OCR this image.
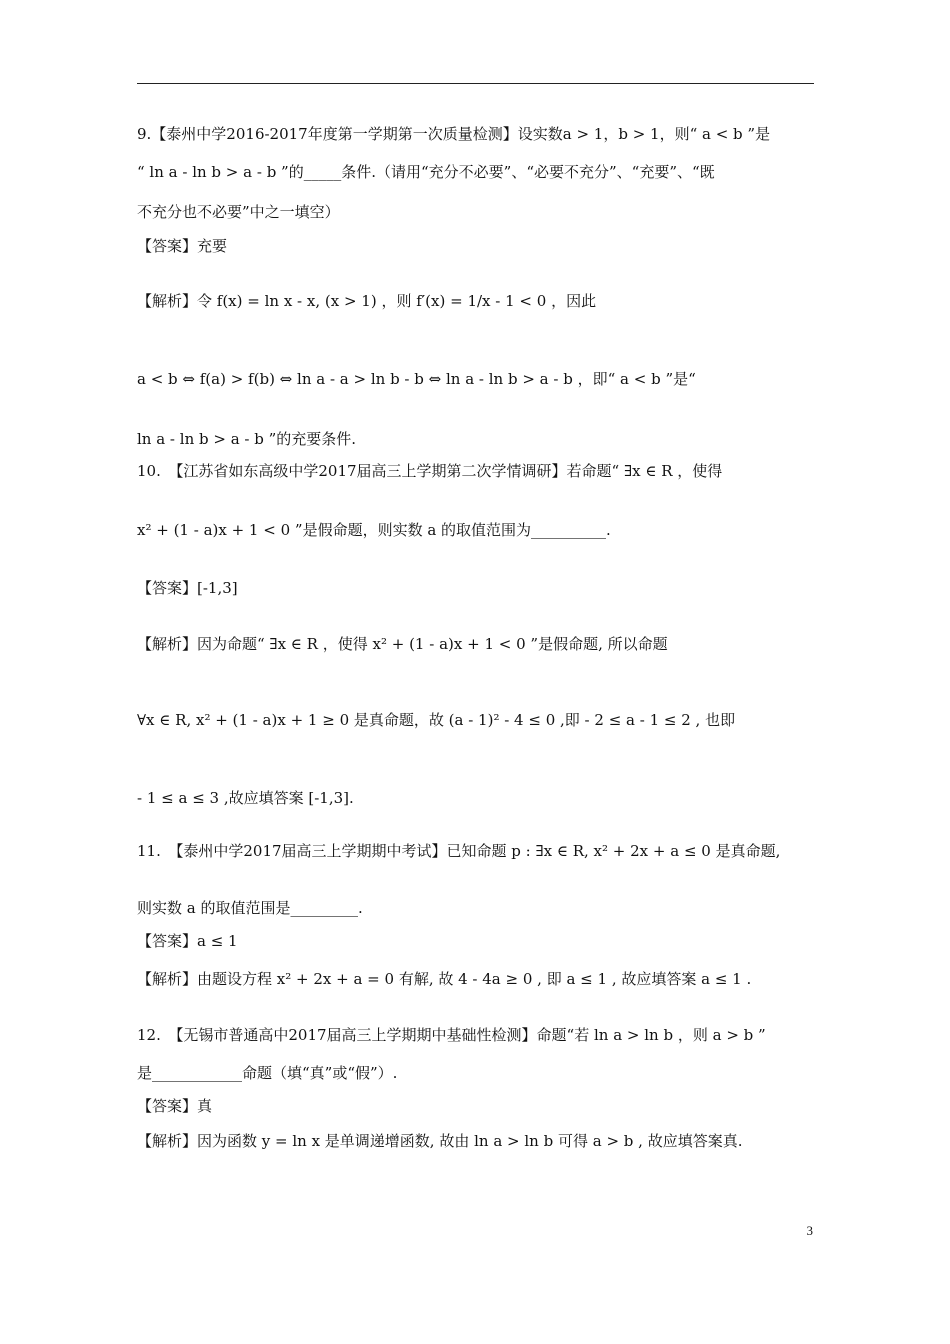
9.【泰州中学2016-2017年度第一学期第一次质量检测】设实数a > 1，b > 1，则“ a < b ”是
“ ln a - ln b > a - b ”的_____条件.（请用“充分不必要”、“必要不充分”、“充要”、“既
不充分也不必要”中之一填空）
【答案】充要
【解析】令 f(x) = ln x - x, (x > 1) ，则 f′(x) = 1/x - 1 < 0 ，因此
a < b ⇔ f(a) > f(b) ⇔ ln a - a > ln b - b ⇔ ln a - ln b > a - b ，即“ a < b ”是“
ln a - ln b > a - b ”的充要条件.
10.　【江苏省如东高级中学2017届高三上学期第二次学情调研】若命题“ ∃x ∈ R ，使得
x² + (1 - a)x + 1 < 0 ”是假命题，则实数 a 的取值范围为__________.
【答案】[-1,3]
【解析】因为命题“ ∃x ∈ R ，使得 x² + (1 - a)x + 1 < 0 ”是假命题, 所以命题
∀x ∈ R, x² + (1 - a)x + 1 ≥ 0 是真命题，故 (a - 1)² - 4 ≤ 0 ,即 - 2 ≤ a - 1 ≤ 2 , 也即
- 1 ≤ a ≤ 3 ,故应填答案 [-1,3].
11.　【泰州中学2017届高三上学期期中考试】已知命题 p : ∃x ∈ R, x² + 2x + a ≤ 0 是真命题,
则实数 a 的取值范围是_________.
【答案】a ≤ 1
【解析】由题设方程 x² + 2x + a = 0 有解, 故 4 - 4a ≥ 0 , 即 a ≤ 1 , 故应填答案 a ≤ 1 .
12.　【无锡市普通高中2017届高三上学期期中基础性检测】命题“若 ln a > ln b ，则 a > b ”
是____________命题（填“真”或“假”）.
【答案】真
【解析】因为函数 y = ln x 是单调递增函数, 故由 ln a > ln b 可得 a > b , 故应填答案真.
3
